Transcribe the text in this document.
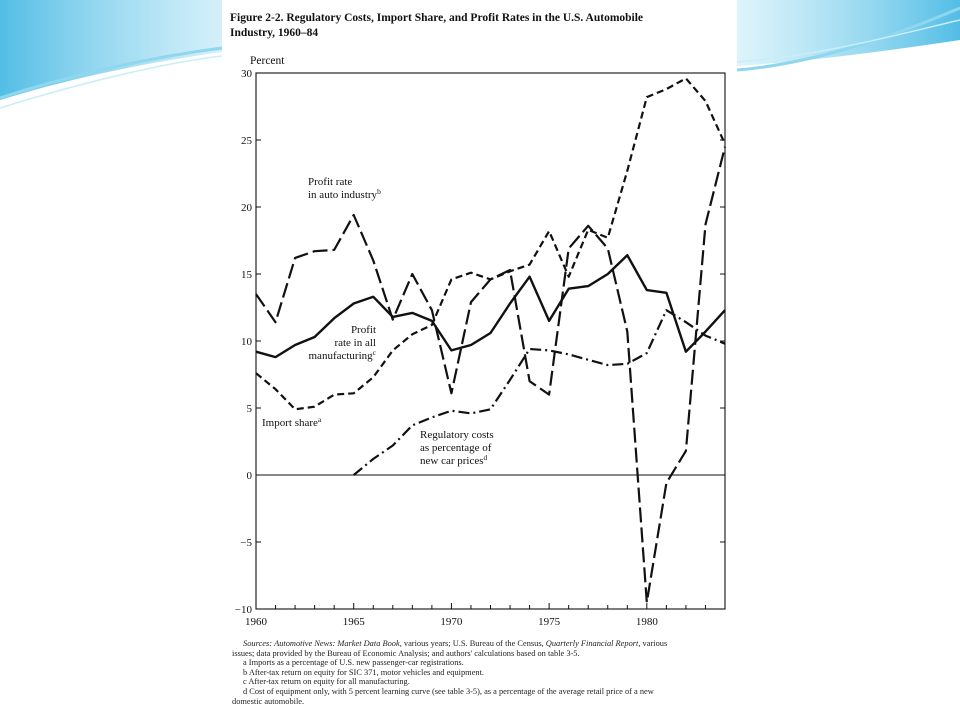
Figure 2-2. Regulatory Costs, Import Share, and Profit Rates in the U.S. Automobile
Industry, 1960–84
30
25
20
15
10
5
0
−5
−10
Percent
1960	1965	1970	1975	1980
Profit rate
in auto industry$^b$
Profit
rate in all
manufacturing$^c$
Import share$^a$
Regulatory costs
as percentage of
new car prices$^d$
Sources: Automotive News: Market Data Book, various years; U.S. Bureau of the Census, Quarterly Financial Report, various
issues; data provided by the Bureau of Economic Analysis; and authors' calculations based on table 3-5.
a Imports as a percentage of U.S. new passenger-car registrations.
b After-tax return on equity for SIC 371, motor vehicles and equipment.
c After-tax return on equity for all manufacturing.
d Cost of equipment only, with 5 percent learning curve (see table 3-5), as a percentage of the average retail price of a new
domestic automobile.
